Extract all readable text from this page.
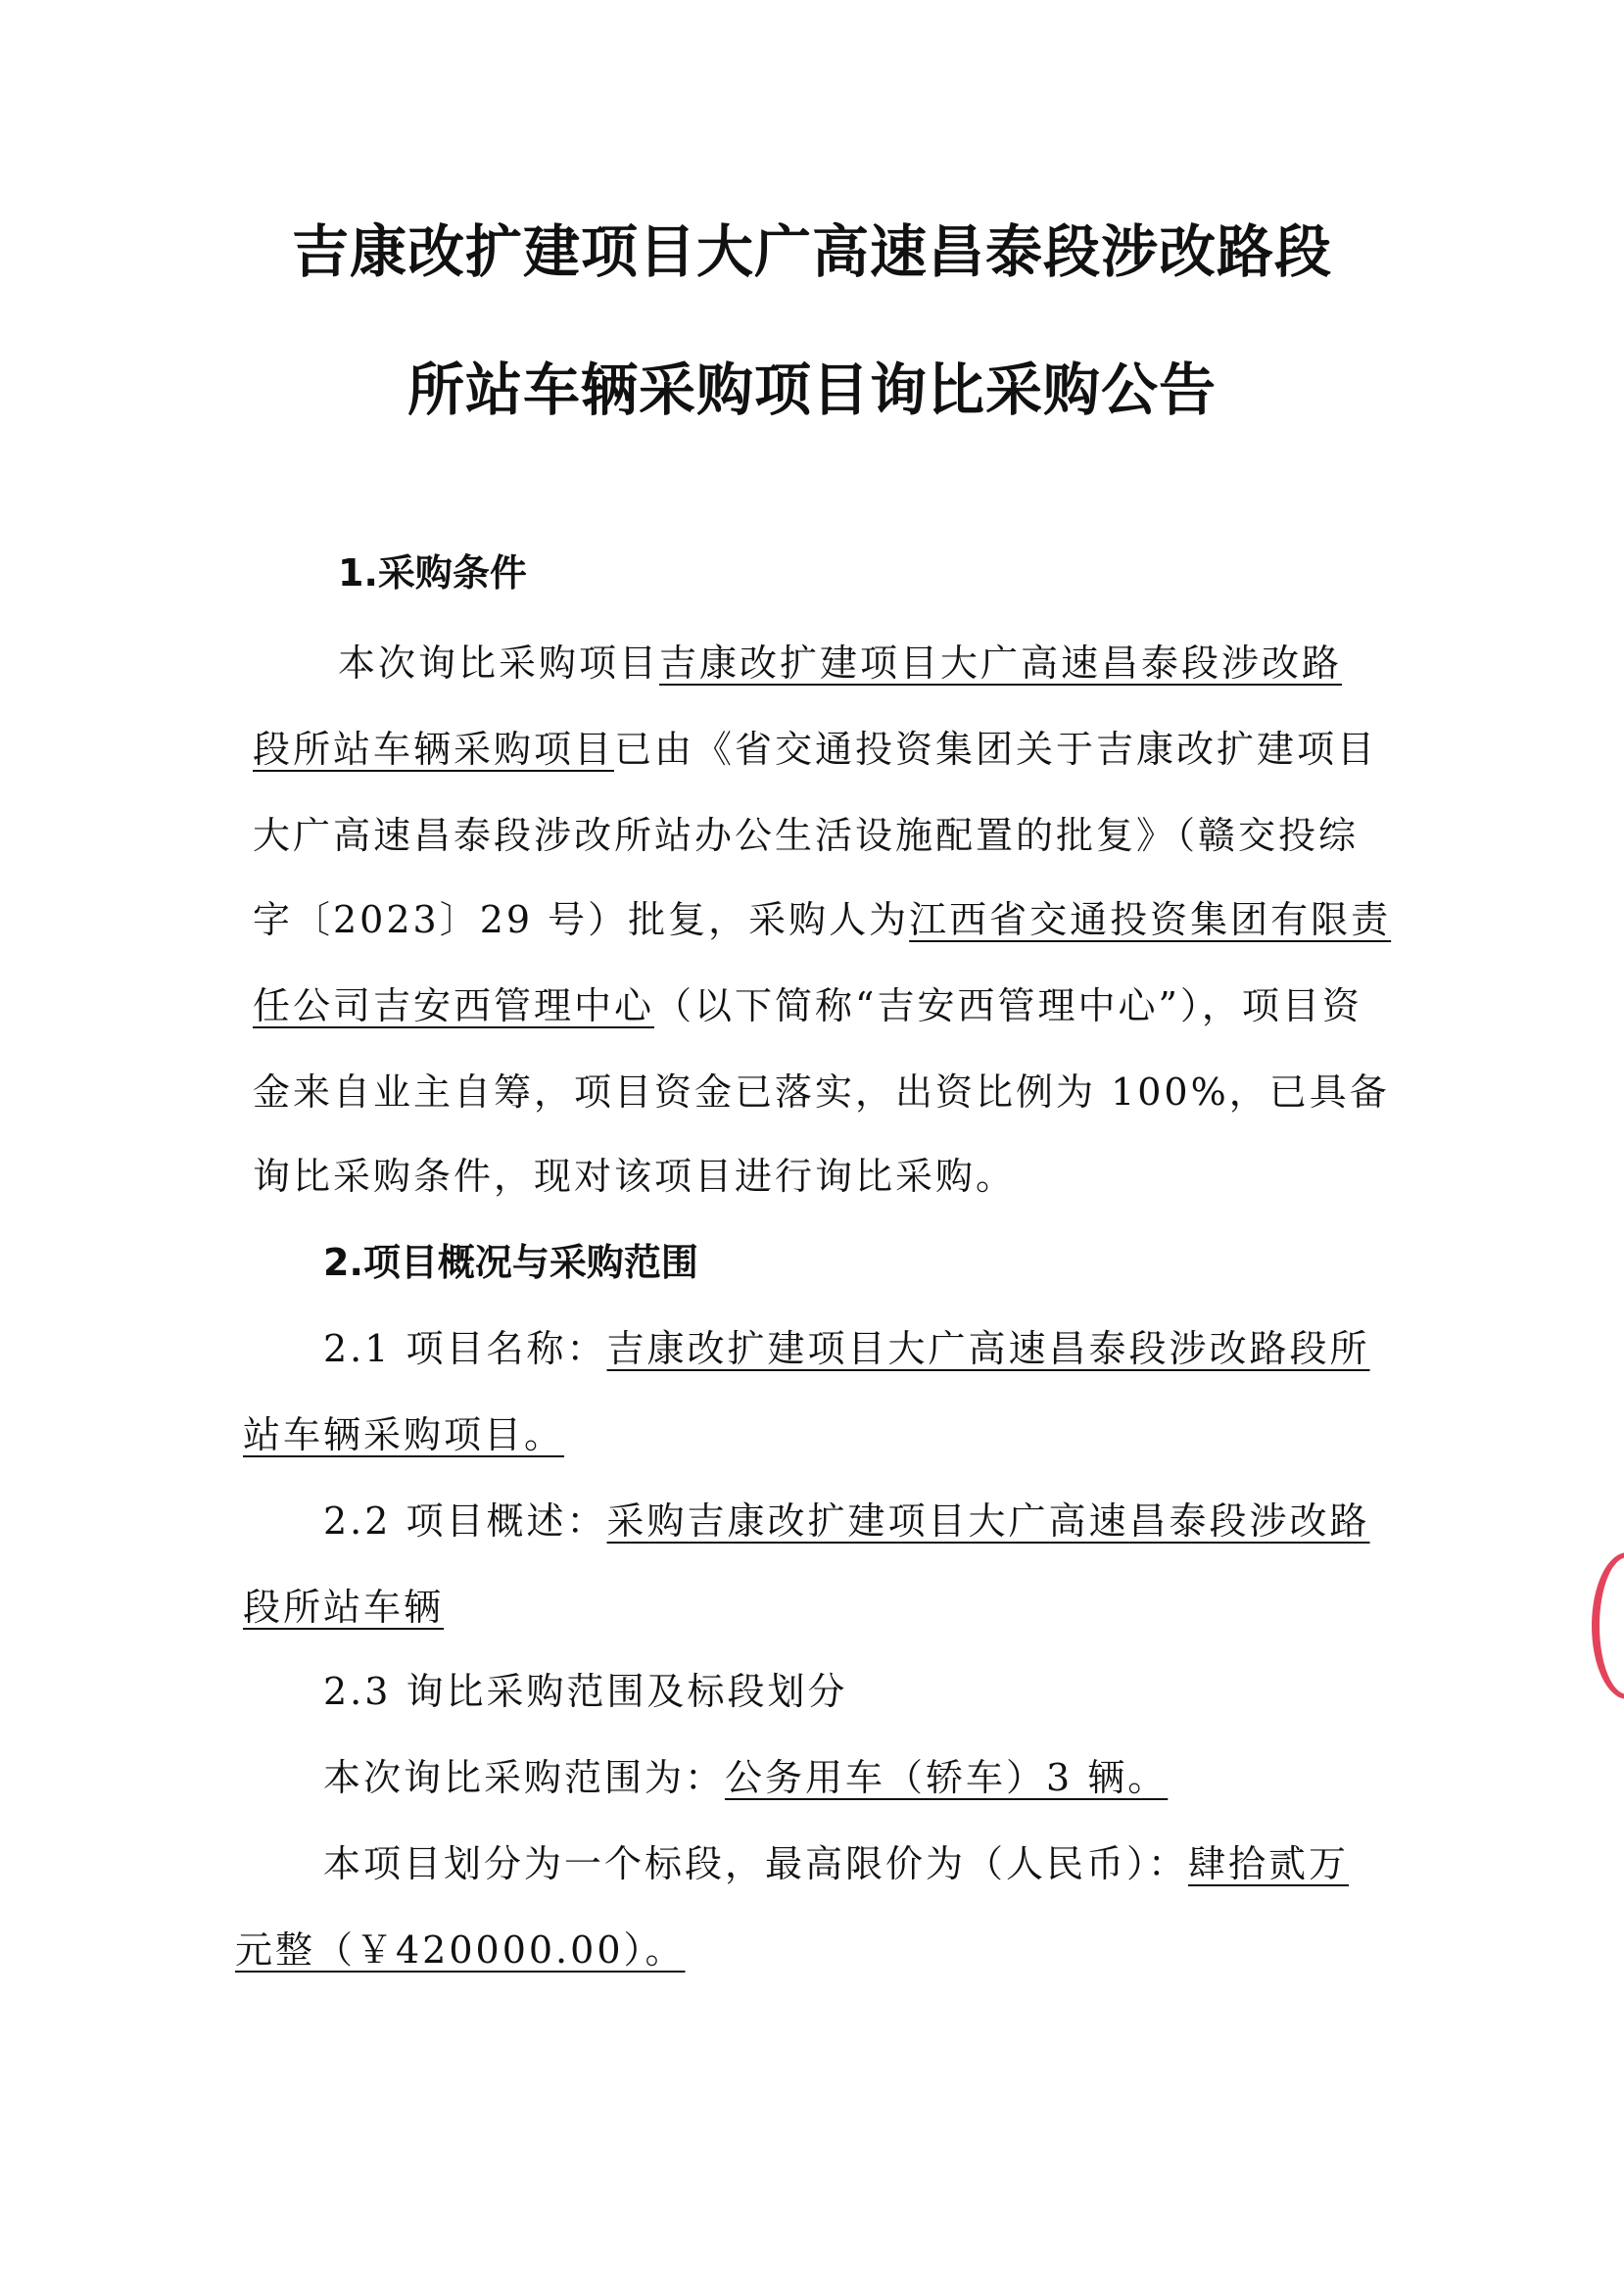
吉康改扩建项目大广高速昌泰段涉改路段
所站车辆采购项目询比采购公告
1.采购条件
本次询比采购项目吉康改扩建项目大广高速昌泰段涉改路
段所站车辆采购项目已由《省交通投资集团关于吉康改扩建项目
大广高速昌泰段涉改所站办公生活设施配置的批复》（赣交投综
字〔2023〕29 号）批复，采购人为江西省交通投资集团有限责
任公司吉安西管理中心（以下简称“吉安西管理中心”），项目资
金来自业主自筹，项目资金已落实，出资比例为 100%，已具备
询比采购条件，现对该项目进行询比采购。
2.项目概况与采购范围
2.1 项目名称：吉康改扩建项目大广高速昌泰段涉改路段所
站车辆采购项目。
2.2 项目概述：采购吉康改扩建项目大广高速昌泰段涉改路
段所站车辆
2.3 询比采购范围及标段划分
本次询比采购范围为：公务用车（轿车）3 辆。
本项目划分为一个标段，最高限价为（人民币）：肆拾贰万
元整（￥420000.00）。
